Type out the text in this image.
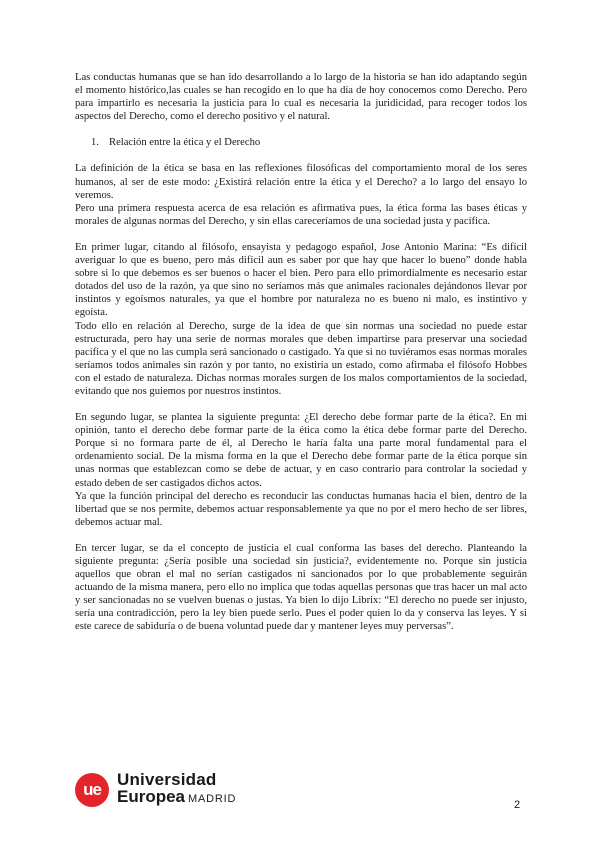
Las conductas humanas que se han ido desarrollando a lo largo de la historia se han ido adaptando según el momento histórico,las cuales se han recogido en lo que ha día de hoy conocemos como Derecho. Pero para impartirlo es necesaria la justicia para lo cual es necesaria la juridicidad, para recoger todos los aspectos del Derecho, como el derecho positivo y el natural.

1. Relación entre la ética y el Derecho

La definición de la ética se basa en las reflexiones filosóficas del comportamiento moral de los seres humanos, al ser de este modo: ¿Existirá relación entre la ética y el Derecho? a lo largo del ensayo lo veremos.

Pero una primera respuesta acerca de esa relación es afirmativa pues, la ética forma las bases éticas y morales de algunas normas del Derecho, y sin ellas careceríamos de una sociedad justa y pacífica.

En primer lugar, citando al filósofo, ensayista y pedagogo español, Jose Antonio Marina: “Es difícil averiguar lo que es bueno, pero más difícil aun es saber por que hay que hacer lo bueno” donde habla sobre si lo que debemos es ser buenos o hacer el bien. Pero para ello primordialmente es necesario estar dotados del uso de la razón, ya que sino no seríamos más que animales racionales dejándonos llevar por instintos y egoísmos naturales, ya que el hombre por naturaleza no es bueno ni malo, es instintivo y egoísta.

Todo ello en relación al Derecho, surge de la idea de que sin normas una sociedad no puede estar estructurada, pero hay una serie de normas morales que deben impartirse para preservar una sociedad pacífica y el que no las cumpla será sancionado o castigado. Ya que si no tuviéramos esas normas morales seríamos todos animales sin razón y por tanto, no existiría un estado, como afirmaba el filósofo Hobbes con el estado de naturaleza. Dichas normas morales surgen de los malos comportamientos de la sociedad, evitando que nos guiemos por nuestros instintos.

En segundo lugar, se plantea la siguiente pregunta: ¿El derecho debe formar parte de la ética?. En mi opinión, tanto el derecho debe formar parte de la ética como la ética debe formar parte del Derecho. Porque si no formara parte de él, al Derecho le haría falta una parte moral fundamental para el ordenamiento social. De la misma forma en la que el Derecho debe formar parte de la ética porque sin unas normas que establezcan como se debe de actuar, y en caso contrario para controlar la sociedad y estado deben de ser castigados dichos actos.

Ya que la función principal del derecho es reconducir las conductas humanas hacia el bien, dentro de la libertad que se nos permite, debemos actuar responsablemente ya que no por el mero hecho de ser libres, debemos actuar mal.

En tercer lugar, se da el concepto de justicia el cual conforma las bases del derecho. Planteando la siguiente pregunta: ¿Sería posible una sociedad sin justicia?, evidentemente no. Porque sin justicia aquellos que obran el mal no serían castigados ni sancionados por lo que probablemente seguirán actuando de la misma manera, pero ello no implica que todas aquellas personas que tras hacer un mal acto y ser sancionadas no se vuelven buenas o justas. Ya bien lo dijo Librix: “El derecho no puede ser injusto, sería una contradicción, pero la ley bien puede serlo. Pues el poder quien lo da y conserva las leyes. Y si este carece de sabiduría o de buena voluntad puede dar y mantener leyes muy perversas”.

ue Universidad
Europea MADRID	2
